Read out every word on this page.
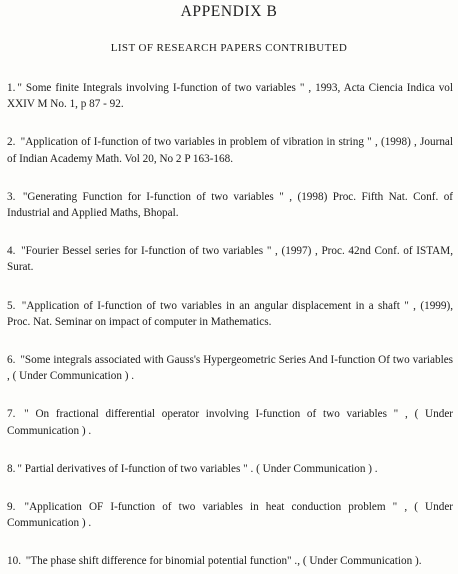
APPENDIX B
LIST OF RESEARCH PAPERS CONTRIBUTED

1. " Some finite Integrals involving I-function of two variables " , 1993, Acta Ciencia Indica vol XXIV M No. 1, p 87 - 92.

2. "Application of I-function of two variables in problem of vibration in string " , (1998) , Journal of Indian Academy Math. Vol 20, No 2 P 163-168.

3. "Generating Function for I-function of two variables " , (1998) Proc. Fifth Nat. Conf. of Industrial and Applied Maths, Bhopal.

4. "Fourier Bessel series for I-function of two variables " , (1997) , Proc. 42nd Conf. of ISTAM, Surat.

5. "Application of I-function of two variables in an angular displacement in a shaft " , (1999), Proc. Nat. Seminar on impact of computer in Mathematics.

6. "Some integrals associated with Gauss's Hypergeometric Series And I-function Of two variables , ( Under Communication ) .

7. " On fractional differential operator involving I-function of two variables " , ( Under Communication ) .

8. " Partial derivatives of I-function of two variables " . ( Under Communication ) .

9. "Application OF I-function of two variables in heat conduction problem " , ( Under Communication ) .

10. "The phase shift difference for binomial potential function" ., ( Under Communication ).
